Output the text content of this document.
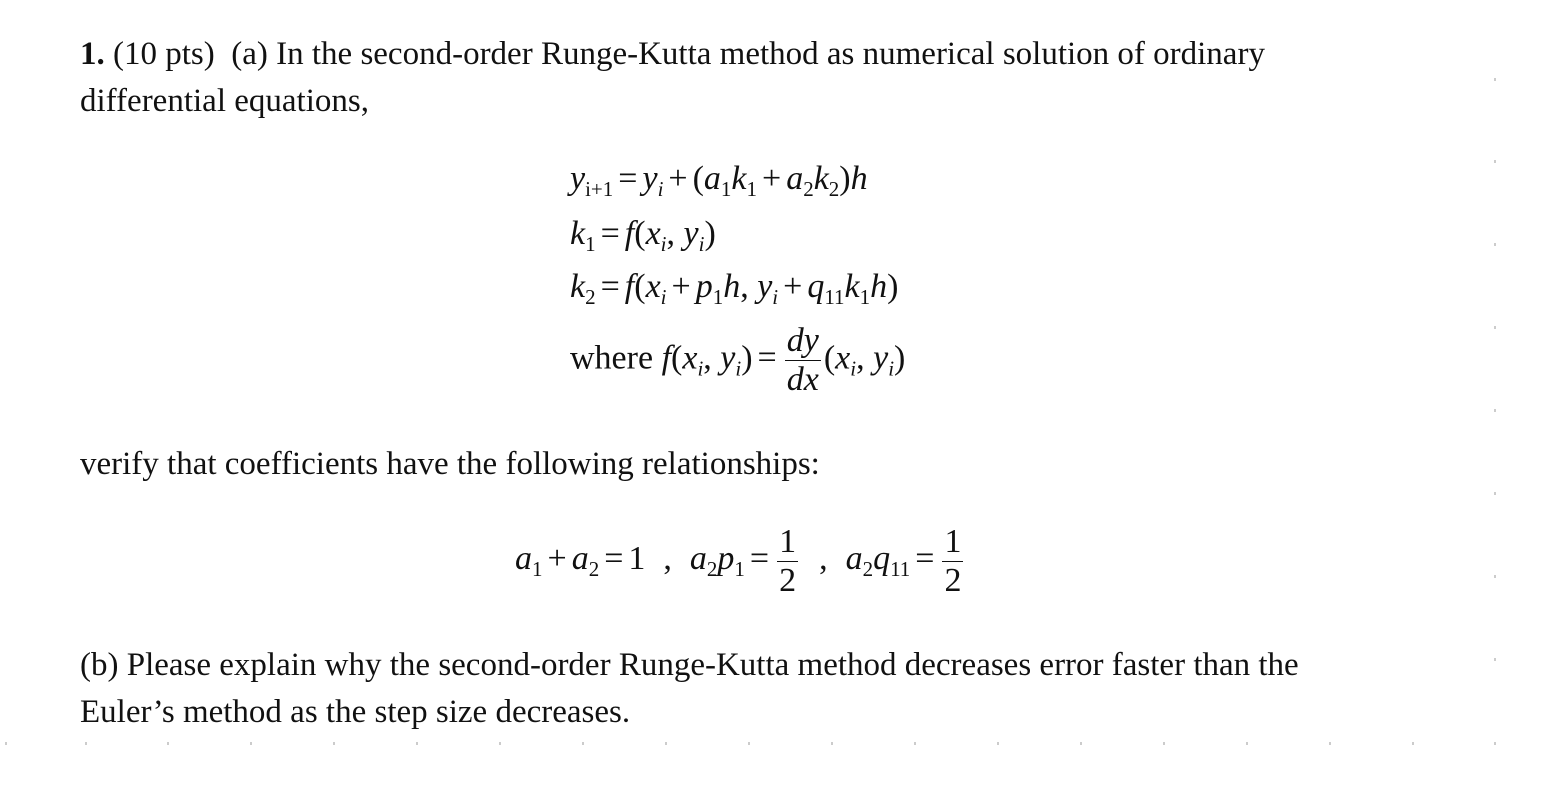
1. (10 pts) (a) In the second-order Runge-Kutta method as numerical solution of ordinary
differential equations,
$y_{i+1} = y_i + (a_1k_1 + a_2k_2)h$
$k_1 = f(x_i$, $y_i$)
$k_2 = f(x_i + p_1h$, $y_i + q_{11}k_1h$)
where $f(x_i$, $y_i) = \frac{dy}{dx} (x_i$, $y_i$)
verify that coefficients have the following relationships:
$a_1 + a_2 = 1$ , $a_2p_1 = \frac{1}{2}$ , $a_2q_{11} = \frac{1}{2}$
(b) Please explain why the second-order Runge-Kutta method decreases error faster than the
Euler’s method as the step size decreases.
